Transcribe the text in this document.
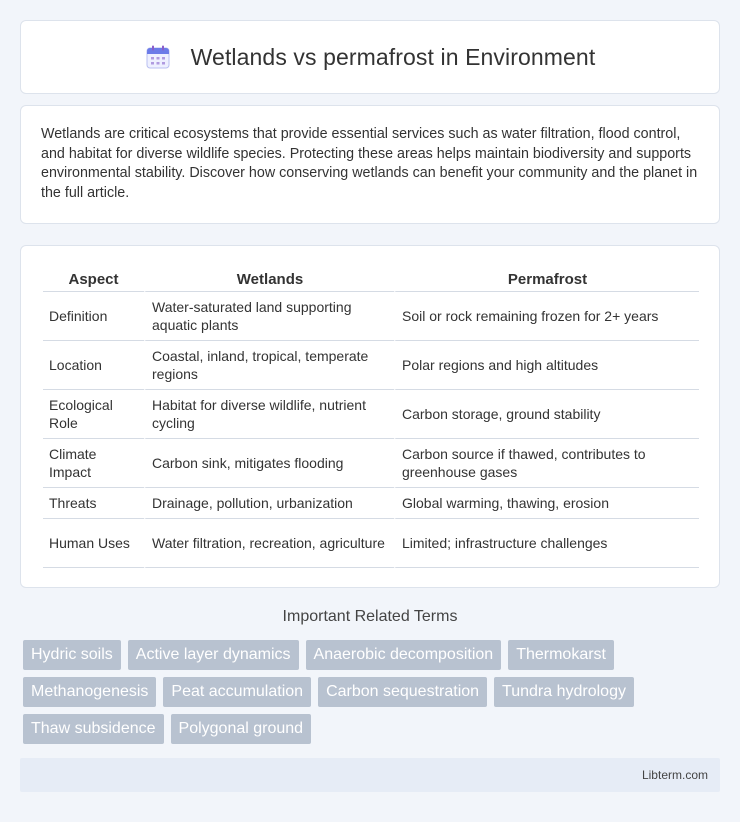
Wetlands vs permafrost in Environment

Wetlands are critical ecosystems that provide essential services such as water filtration, flood control, and habitat for diverse wildlife species. Protecting these areas helps maintain biodiversity and supports environmental stability. Discover how conserving wetlands can benefit your community and the planet in the full article.

Aspect	Wetlands	Permafrost
Definition	Water-saturated land supporting aquatic plants	Soil or rock remaining frozen for 2+ years
Location	Coastal, inland, tropical, temperate regions	Polar regions and high altitudes
Ecological Role	Habitat for diverse wildlife, nutrient cycling	Carbon storage, ground stability
Climate Impact	Carbon sink, mitigates flooding	Carbon source if thawed, contributes to greenhouse gases
Threats	Drainage, pollution, urbanization	Global warming, thawing, erosion
Human Uses	Water filtration, recreation, agriculture	Limited; infrastructure challenges
Important Related Terms
Hydric soils	Active layer dynamics	Anaerobic decomposition	Thermokarst
Methanogenesis	Peat accumulation	Carbon sequestration	Tundra hydrology
Thaw subsidence	Polygonal ground
Libterm.com
